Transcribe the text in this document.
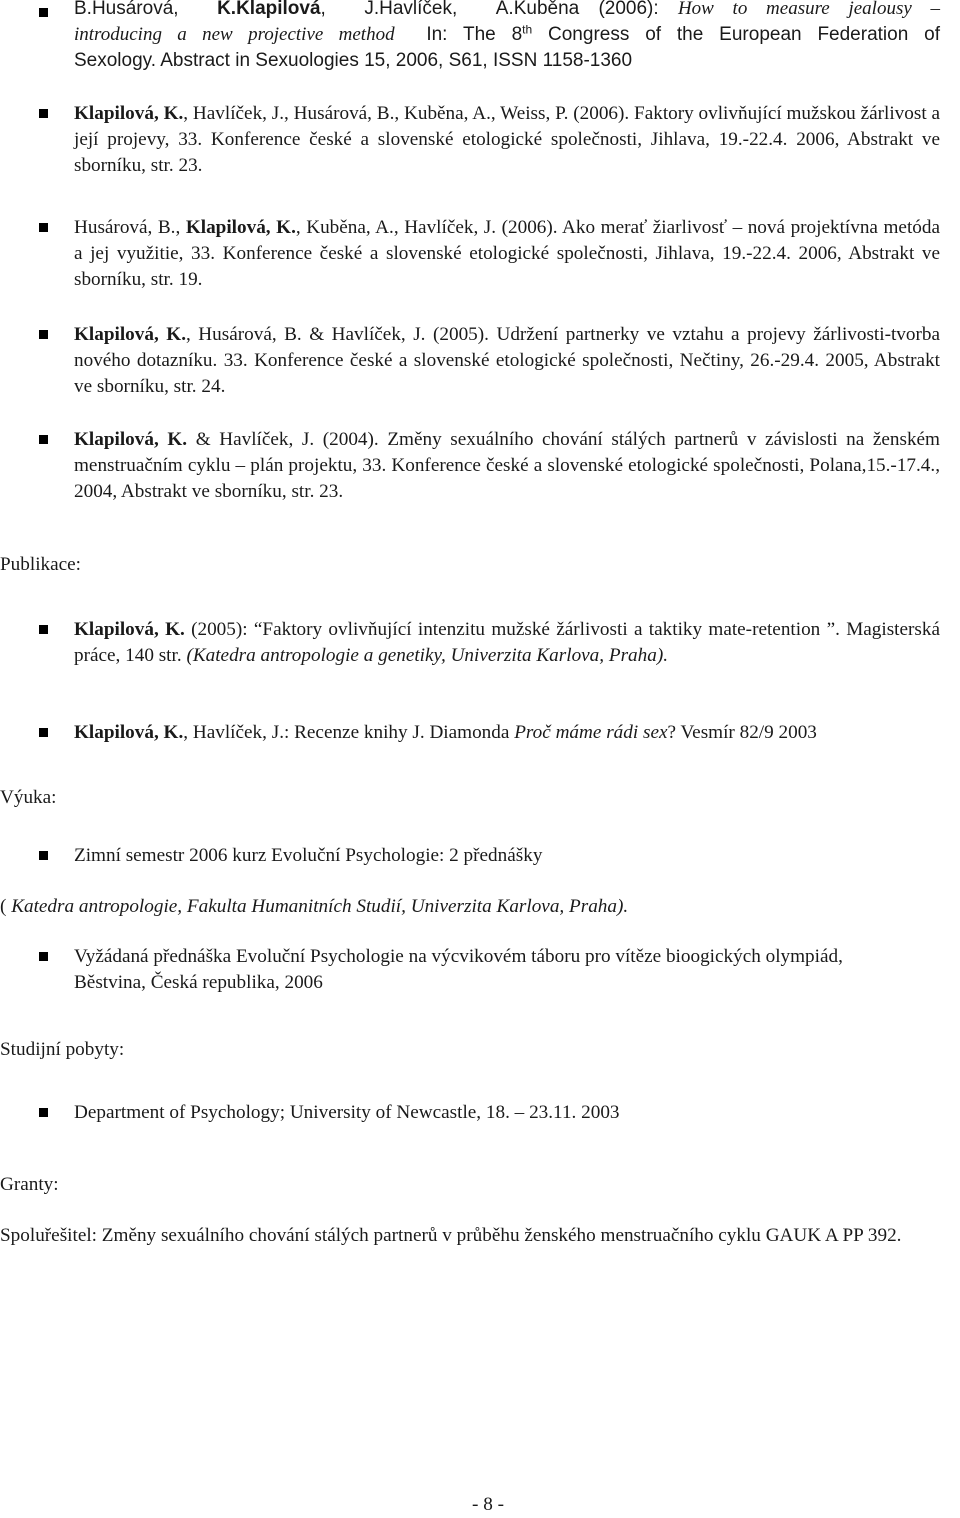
B.Husárová,  K.Klapilová,  J.Havlíček,  A.Kuběna (2006): How to measure jealousy –
introducing a new projective method  In: The 8th Congress of the European Federation of
Sexology. Abstract in Sexuologies 15, 2006, S61, ISSN 1158-1360
Klapilová, K., Havlíček, J., Husárová, B., Kuběna, A., Weiss, P. (2006). Faktory ovlivňující mužskou žárlivost a její projevy, 33. Konference české a slovenské etologické společnosti, Jihlava, 19.-22.4. 2006, Abstrakt ve sborníku, str. 23.
Husárová, B., Klapilová, K., Kuběna, A., Havlíček, J. (2006). Ako merať žiarlivosť – nová projektívna metóda a jej využitie, 33. Konference české a slovenské etologické společnosti, Jihlava, 19.-22.4. 2006, Abstrakt ve sborníku, str. 19.
Klapilová, K., Husárová, B. & Havlíček, J. (2005). Udržení partnerky ve vztahu a projevy žárlivosti-tvorba nového dotazníku. 33. Konference české a slovenské etologické společnosti, Nečtiny, 26.-29.4. 2005, Abstrakt ve sborníku, str. 24.
Klapilová, K. & Havlíček, J. (2004). Změny sexuálního chování stálých partnerů v závislosti na ženském menstruačním cyklu – plán projektu, 33. Konference české a slovenské etologické společnosti, Polana,15.-17.4., 2004, Abstrakt ve sborníku, str. 23.
Publikace:
Klapilová, K. (2005): “Faktory ovlivňující intenzitu mužské žárlivosti a taktiky mate-retention ”. Magisterská práce, 140 str. (Katedra antropologie a genetiky, Univerzita Karlova, Praha).
Klapilová, K., Havlíček, J.: Recenze knihy J. Diamonda Proč máme rádi sex? Vesmír 82/9 2003
Výuka:
Zimní semestr 2006 kurz Evoluční Psychologie: 2 přednášky
( Katedra antropologie, Fakulta Humanitních Studií, Univerzita Karlova, Praha).
Vyžádaná přednáška Evoluční Psychologie na výcvikovém táboru pro vítěze bioogických olympiád, Běstvina, Česká republika, 2006
Studijní pobyty:
Department of Psychology; University of Newcastle, 18. – 23.11. 2003
Granty:
Spoluřešitel: Změny sexuálního chování stálých partnerů v průběhu ženského menstruačního cyklu GAUK A PP 392.
- 8 -
